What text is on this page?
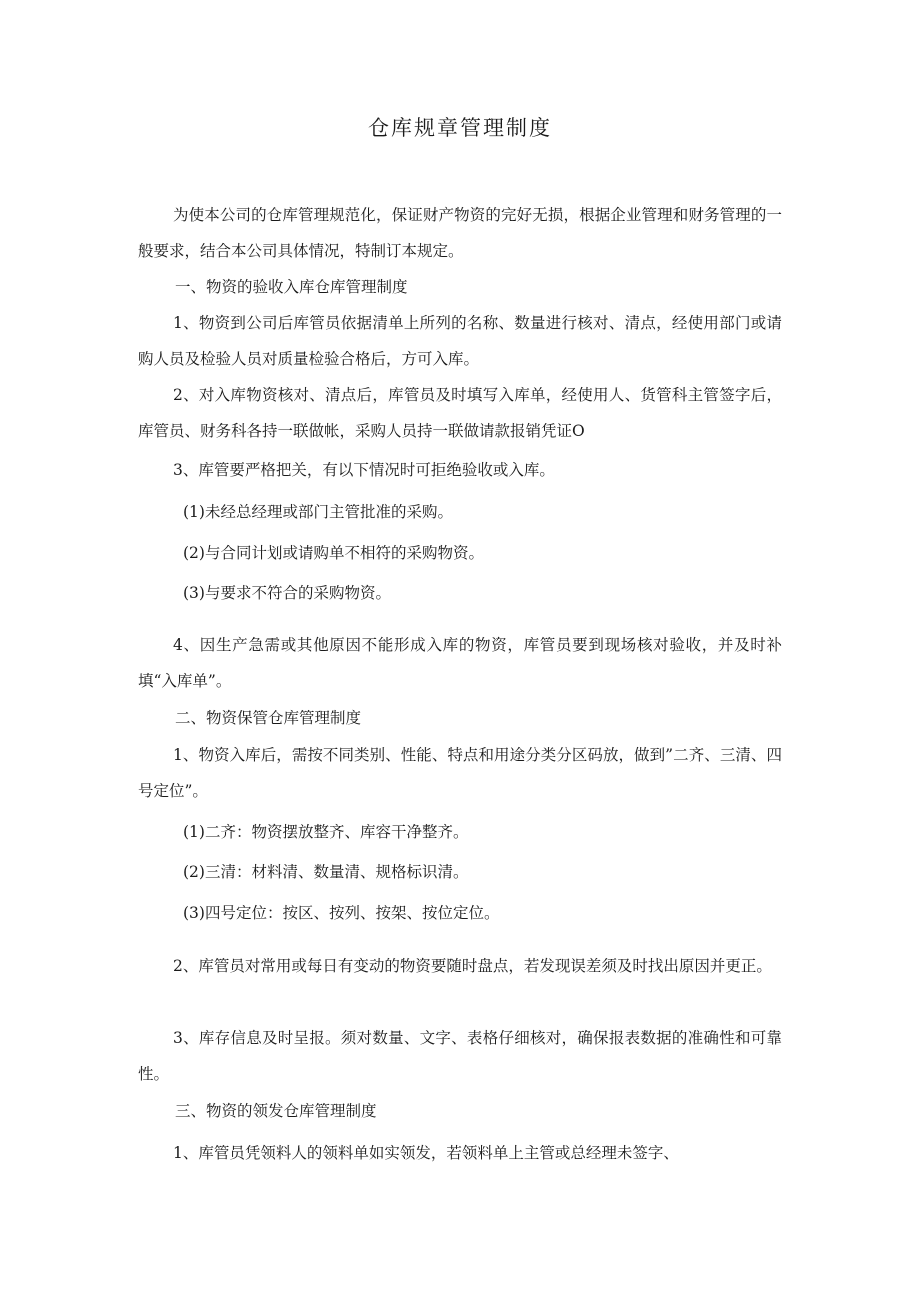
仓库规章管理制度

为使本公司的仓库管理规范化，保证财产物资的完好无损，根据企业管理和财务管理的一般要求，结合本公司具体情况，特制订本规定。

一、物资的验收入库仓库管理制度

1、物资到公司后库管员依据清单上所列的名称、数量进行核对、清点，经使用部门或请购人员及检验人员对质量检验合格后，方可入库。

2、对入库物资核对、清点后，库管员及时填写入库单，经使用人、货管科主管签字后，库管员、财务科各持一联做帐，采购人员持一联做请款报销凭证O

3、库管要严格把关，有以下情况时可拒绝验收或入库。

(1)未经总经理或部门主管批准的采购。

(2)与合同计划或请购单不相符的采购物资。

(3)与要求不符合的采购物资。

4、因生产急需或其他原因不能形成入库的物资，库管员要到现场核对验收，并及时补填“入库单”。

二、物资保管仓库管理制度

1、物资入库后，需按不同类别、性能、特点和用途分类分区码放，做到”二齐、三清、四号定位”。

(1)二齐：物资摆放整齐、库容干净整齐。

(2)三清：材料清、数量清、规格标识清。

(3)四号定位：按区、按列、按架、按位定位。

2、库管员对常用或每日有变动的物资要随时盘点，若发现误差须及时找出原因并更正。

3、库存信息及时呈报。须对数量、文字、表格仔细核对，确保报表数据的准确性和可靠性。

三、物资的领发仓库管理制度

1、库管员凭领料人的领料单如实领发，若领料单上主管或总经理未签字、
